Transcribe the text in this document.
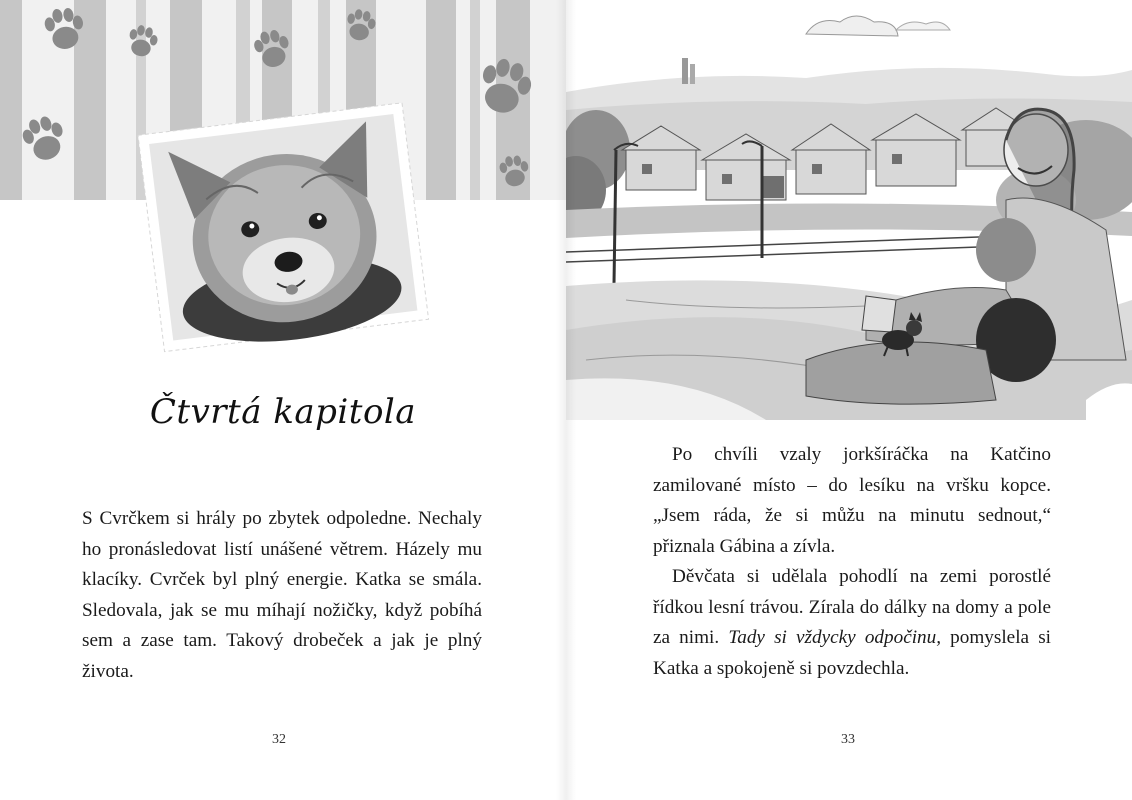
Čtvrtá kapitola

S Cvrčkem si hrály po zbytek odpoledne. Nechaly ho pronásledovat listí unášené větrem. Házely mu klacíky. Cvrček byl plný energie. Katka se smála. Sledovala, jak se mu míhají nožičky, když pobíhá sem a zase tam. Takový drobeček a jak je plný života.

32

Po chvíli vzaly jorkšíráčka na Katčino zamilované místo – do lesíku na vršku kopce. „Jsem ráda, že si můžu na minutu sednout,“ přiznala Gábina a zívla.

Děvčata si udělala pohodlí na zemi porostlé řídkou lesní trávou. Zírala do dálky na domy a pole za nimi. Tady si vždycky odpočinu, pomyslela si Katka a spokojeně si povzdechla.

33
